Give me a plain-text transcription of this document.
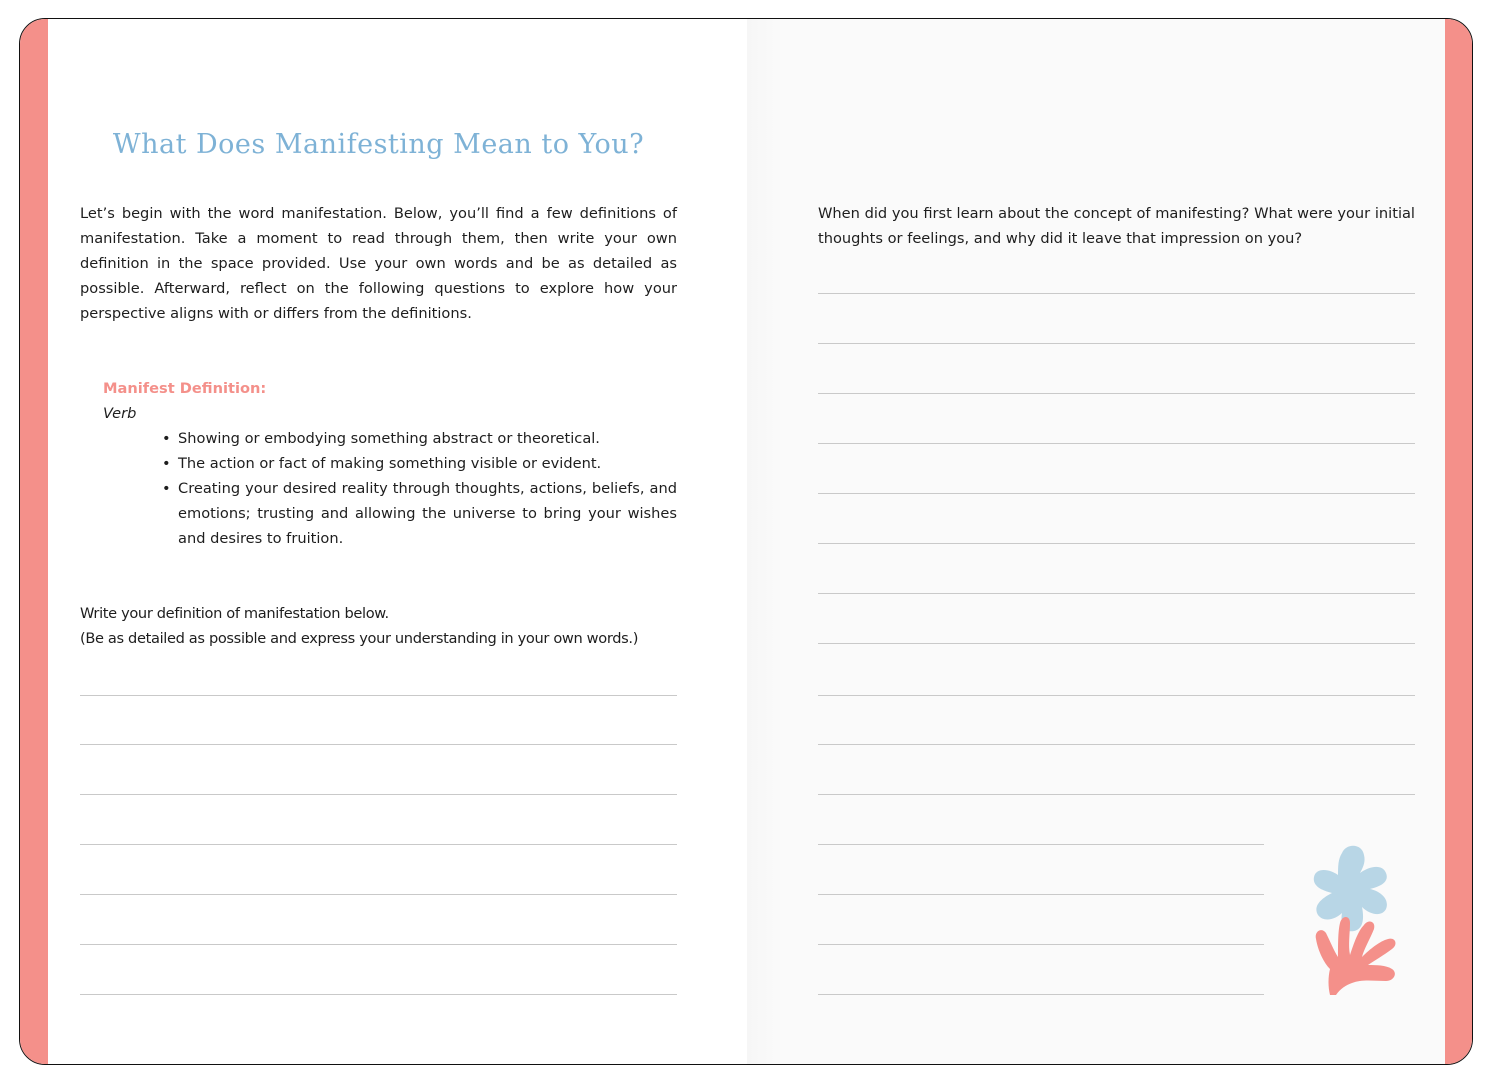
What Does Manifesting Mean to You?

Let’s begin with the word manifestation. Below, you’ll find a few definitions of manifestation. Take a moment to read through them, then write your own definition in the space provided. Use your own words and be as detailed as possible. Afterward, reflect on the following questions to explore how your perspective aligns with or differs from the definitions.

Manifest Definition:

Verb

• Showing or embodying something abstract or theoretical.
• The action or fact of making something visible or evident.
• Creating your desired reality through thoughts, actions, beliefs, and emotions; trusting and allowing the universe to bring your wishes and desires to fruition.

Write your definition of manifestation below.
(Be as detailed as possible and express your understanding in your own words.)

When did you first learn about the concept of manifesting? What were your initial thoughts or feelings, and why did it leave that impression on you?
